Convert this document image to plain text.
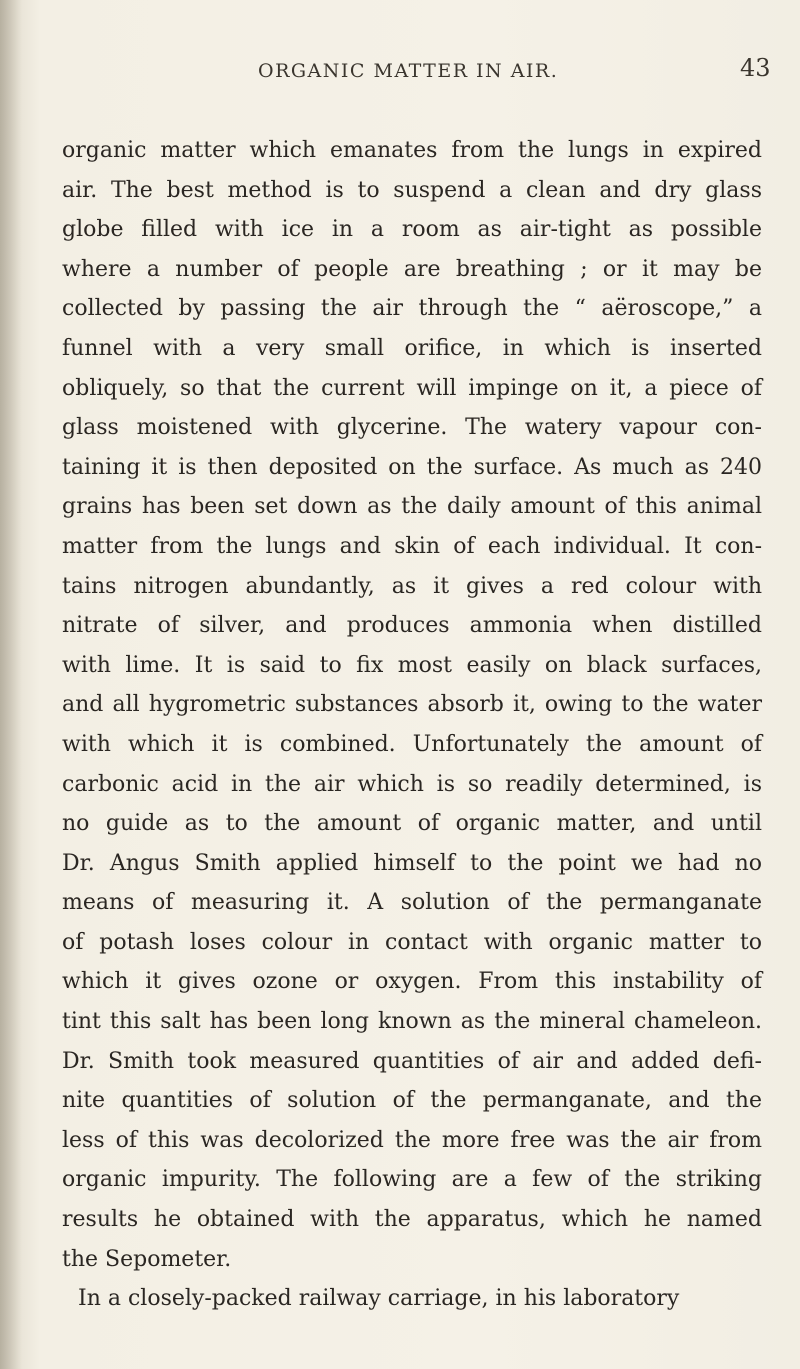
ORGANIC MATTER IN AIR.	43
organic matter which emanates from the lungs in expired
air. The best method is to suspend a clean and dry glass
globe filled with ice in a room as air-tight as possible
where a number of people are breathing ; or it may be
collected by passing the air through the “ aëroscope,” a
funnel with a very small orifice, in which is inserted
obliquely, so that the current will impinge on it, a piece of
glass moistened with glycerine. The watery vapour con-
taining it is then deposited on the surface. As much as 240
grains has been set down as the daily amount of this animal
matter from the lungs and skin of each individual. It con-
tains nitrogen abundantly, as it gives a red colour with
nitrate of silver, and produces ammonia when distilled
with lime. It is said to fix most easily on black surfaces,
and all hygrometric substances absorb it, owing to the water
with which it is combined. Unfortunately the amount of
carbonic acid in the air which is so readily determined, is
no guide as to the amount of organic matter, and until
Dr. Angus Smith applied himself to the point we had no
means of measuring it. A solution of the permanganate
of potash loses colour in contact with organic matter to
which it gives ozone or oxygen. From this instability of
tint this salt has been long known as the mineral chameleon.
Dr. Smith took measured quantities of air and added defi-
nite quantities of solution of the permanganate, and the
less of this was decolorized the more free was the air from
organic impurity. The following are a few of the striking
results he obtained with the apparatus, which he named
the Sepometer.
In a closely-packed railway carriage, in his laboratory
